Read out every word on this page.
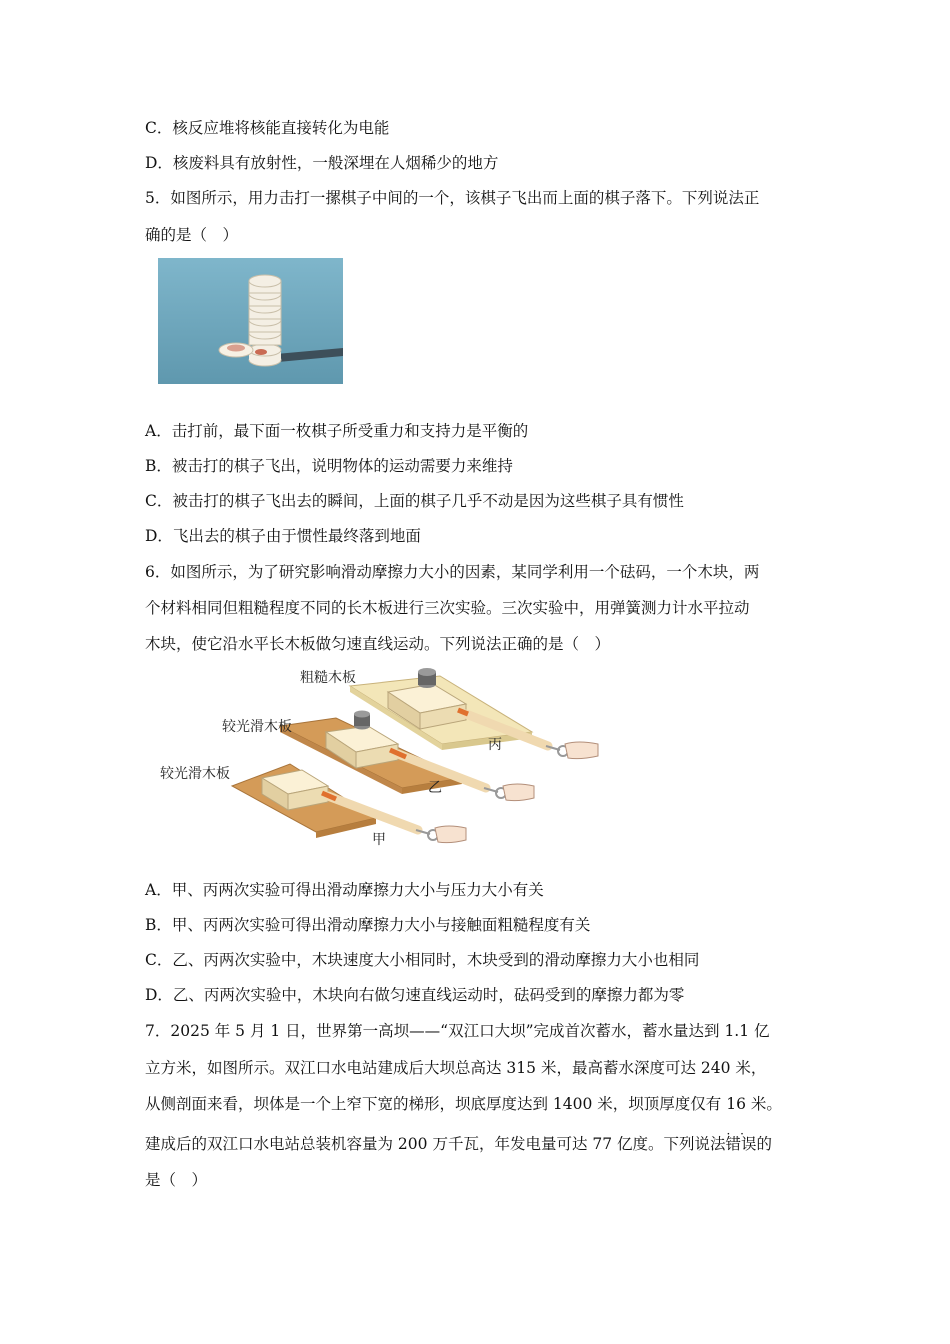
C．核反应堆将核能直接转化为电能
D．核废料具有放射性，一般深埋在人烟稀少的地方
5．如图所示，用力击打一摞棋子中间的一个，该棋子飞出而上面的棋子落下。下列说法正
确的是（　）
A．击打前，最下面一枚棋子所受重力和支持力是平衡的
B．被击打的棋子飞出，说明物体的运动需要力来维持
C．被击打的棋子飞出去的瞬间，上面的棋子几乎不动是因为这些棋子具有惯性
D．飞出去的棋子由于惯性最终落到地面
6．如图所示，为了研究影响滑动摩擦力大小的因素，某同学利用一个砝码，一个木块，两
个材料相同但粗糙程度不同的长木板进行三次实验。三次实验中，用弹簧测力计水平拉动
木块，使它沿水平长木板做匀速直线运动。下列说法正确的是（　）
粗糙木板
较光滑木板
较光滑木板
丙
乙
甲
A．甲、丙两次实验可得出滑动摩擦力大小与压力大小有关
B．甲、丙两次实验可得出滑动摩擦力大小与接触面粗糙程度有关
C．乙、丙两次实验中，木块速度大小相同时，木块受到的滑动摩擦力大小也相同
D．乙、丙两次实验中，木块向右做匀速直线运动时，砝码受到的摩擦力都为零
7．2025 年 5 月 1 日，世界第一高坝——“双江口大坝”完成首次蓄水，蓄水量达到 1.1 亿
立方米，如图所示。双江口水电站建成后大坝总高达 315 米，最高蓄水深度可达 240 米，
从侧剖面来看，坝体是一个上窄下宽的梯形，坝底厚度达到 1400 米，坝顶厚度仅有 16 米。
建成后的双江口水电站总装机容量为 200 万千瓦，年发电量可达 77 亿度。下列说法· · 错误的
是（　）
